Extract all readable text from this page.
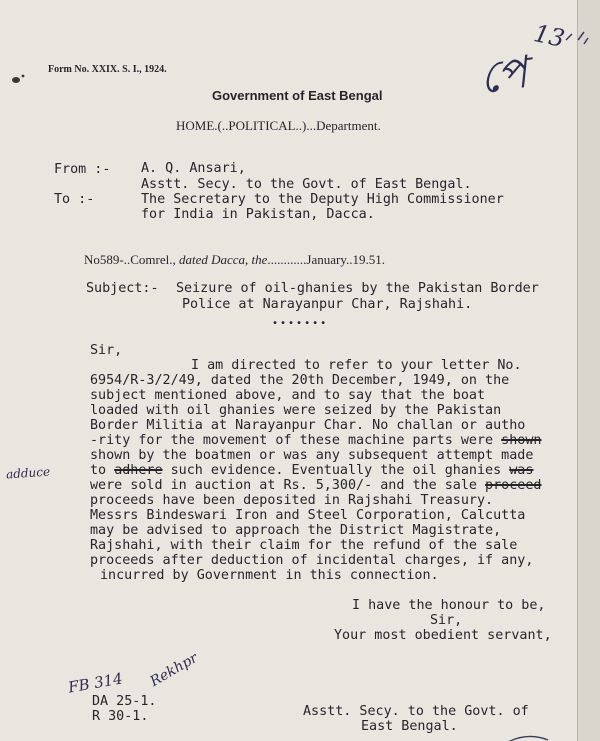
Form No. XXIX. S. I., 1924.
Government of East Bengal
HOME.(..POLITICAL..)...Department.
From :- A. Q. Ansari,
Asstt. Secy. to the Govt. of East Bengal.
To :-	The Secretary to the Deputy High Commissioner
for India in Pakistan, Dacca.
No589-..Comrel., dated Dacca, the............January..19.51.
Subject:- Seizure of oil-ghanies by the Pakistan Border
Police at Narayanpur Char, Rajshahi.
•••••••
Sir,
I am directed to refer to your letter No.
6954/R-3/2/49, dated the 20th December, 1949, on the
subject mentioned above, and to say that the boat
loaded with oil ghanies were seized by the Pakistan
Border Militia at Narayanpur Char. No challan or autho
-rity for the movement of these machine parts were shown
shown by the boatmen or was any subsequent attempt made
to adhere such evidence. Eventually the oil ghanies was
were sold in auction at Rs. 5,300/- and the sale proceed
proceeds have been deposited in Rajshahi Treasury.
Messrs Bindeswari Iron and Steel Corporation, Calcutta
may be advised to approach the District Magistrate,
Rajshahi, with their claim for the refund of the sale
proceeds after deduction of incidental charges, if any,
incurred by Government in this connection.
I have the honour to be,
Sir,
Your most obedient servant,
DA 25-1.
R 30-1.	Asstt. Secy. to the Govt. of
East Bengal.
13
পে
adduce
FB 314 Rekhpr
